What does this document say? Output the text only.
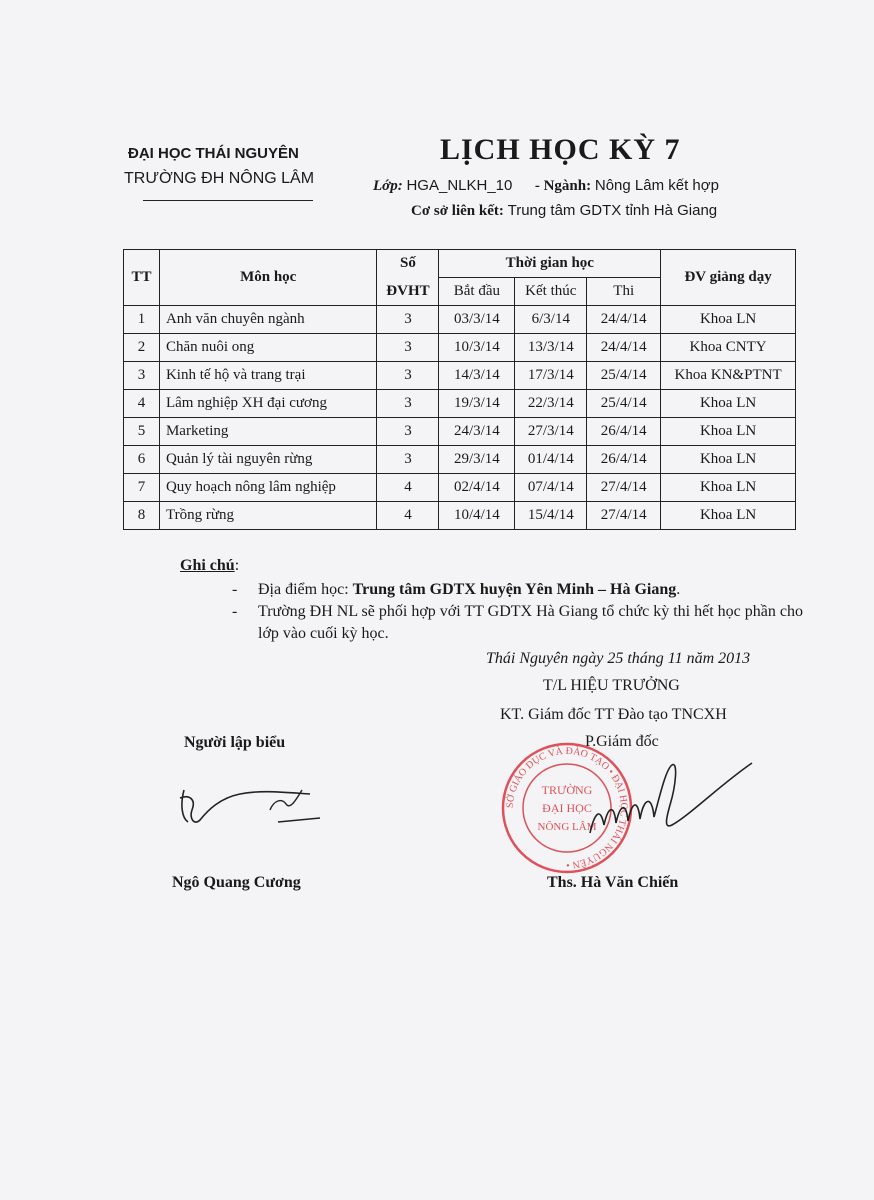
ĐẠI HỌC THÁI NGUYÊN
TRƯỜNG ĐH NÔNG LÂM
LỊCH HỌC KỲ 7
Lớp: HGA_NLKH_10 - Ngành: Nông Lâm kết hợp
Cơ sở liên kết: Trung tâm GDTX tỉnh Hà Giang
TT	Môn học	Số	Thời gian học			ĐV giảng dạy
		ĐVHT	Bắt đầu	Kết thúc	Thi	
1	Anh văn chuyên ngành	3	03/3/14	6/3/14	24/4/14	Khoa LN
2	Chăn nuôi ong	3	10/3/14	13/3/14	24/4/14	Khoa CNTY
3	Kinh tế hộ và trang trại	3	14/3/14	17/3/14	25/4/14	Khoa KN&PTNT
4	Lâm nghiệp XH đại cương	3	19/3/14	22/3/14	25/4/14	Khoa LN
5	Marketing	3	24/3/14	27/3/14	26/4/14	Khoa LN
6	Quản lý tài nguyên rừng	3	29/3/14	01/4/14	26/4/14	Khoa LN
7	Quy hoạch nông lâm nghiệp	4	02/4/14	07/4/14	27/4/14	Khoa LN
8	Trồng rừng	4	10/4/14	15/4/14	27/4/14	Khoa LN
Ghi chú:
- Địa điểm học: Trung tâm GDTX huyện Yên Minh – Hà Giang.
- Trường ĐH NL sẽ phối hợp với TT GDTX Hà Giang tổ chức kỳ thi hết học phần cho lớp vào cuối kỳ học.
Thái Nguyên ngày 25 tháng 11 năm 2013
T/L HIỆU TRƯỞNG
KT. Giám đốc TT Đào tạo TNCXH
P.Giám đốc
Người lập biểu
SỞ GIÁO DỤC VÀ ĐÀO TẠO • ĐẠI HỌC THÁI NGUYÊN •
TRƯỜNG
ĐẠI HỌC
NÔNG LÂM
Ngô Quang Cương	Ths. Hà Văn Chiến
